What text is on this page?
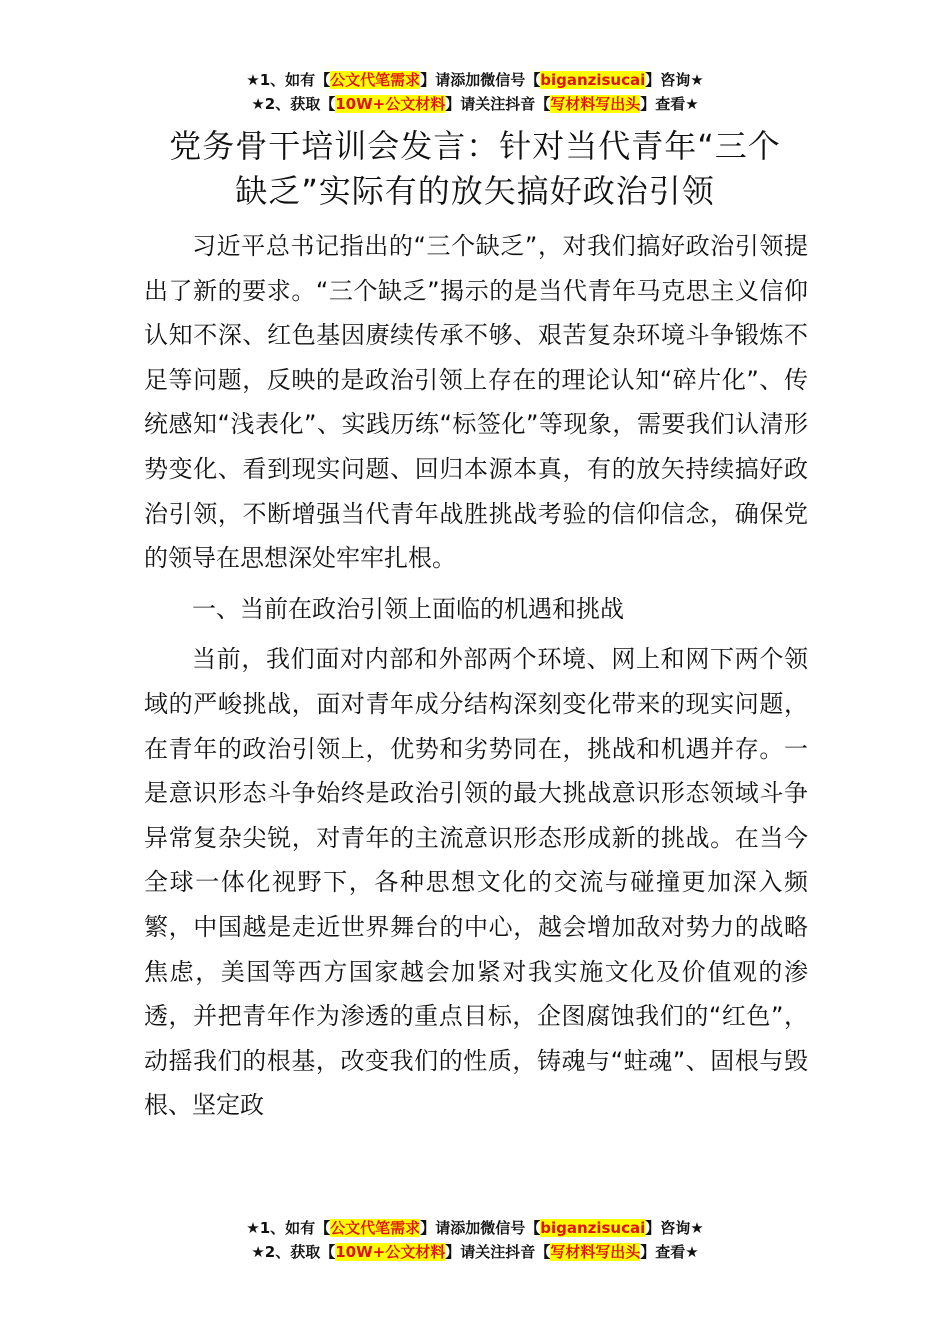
★1、如有【公文代笔需求】请添加微信号【biganzisucai】咨询★
★2、获取【10W+公文材料】请关注抖音【写材料写出头】查看★
党务骨干培训会发言：针对当代青年“三个
缺乏”实际有的放矢搞好政治引领

习近平总书记指出的“三个缺乏”，对我们搞好政治引领提出了新的要求。“三个缺乏”揭示的是当代青年马克思主义信仰认知不深、红色基因赓续传承不够、艰苦复杂环境斗争锻炼不足等问题，反映的是政治引领上存在的理论认知“碎片化”、传统感知“浅表化”、实践历练“标签化”等现象，需要我们认清形势变化、看到现实问题、回归本源本真，有的放矢持续搞好政治引领，不断增强当代青年战胜挑战考验的信仰信念，确保党的领导在思想深处牢牢扎根。

一、当前在政治引领上面临的机遇和挑战

当前，我们面对内部和外部两个环境、网上和网下两个领域的严峻挑战，面对青年成分结构深刻变化带来的现实问题，在青年的政治引领上，优势和劣势同在，挑战和机遇并存。一是意识形态斗争始终是政治引领的最大挑战意识形态领域斗争异常复杂尖锐，对青年的主流意识形态形成新的挑战。在当今全球一体化视野下，各种思想文化的交流与碰撞更加深入频繁，中国越是走近世界舞台的中心，越会增加敌对势力的战略焦虑，美国等西方国家越会加紧对我实施文化及价值观的渗透，并把青年作为渗透的重点目标，企图腐蚀我们的“红色”，动摇我们的根基，改变我们的性质，铸魂与“蛀魂”、固根与毁根、坚定政

★1、如有【公文代笔需求】请添加微信号【biganzisucai】咨询★
★2、获取【10W+公文材料】请关注抖音【写材料写出头】查看★
